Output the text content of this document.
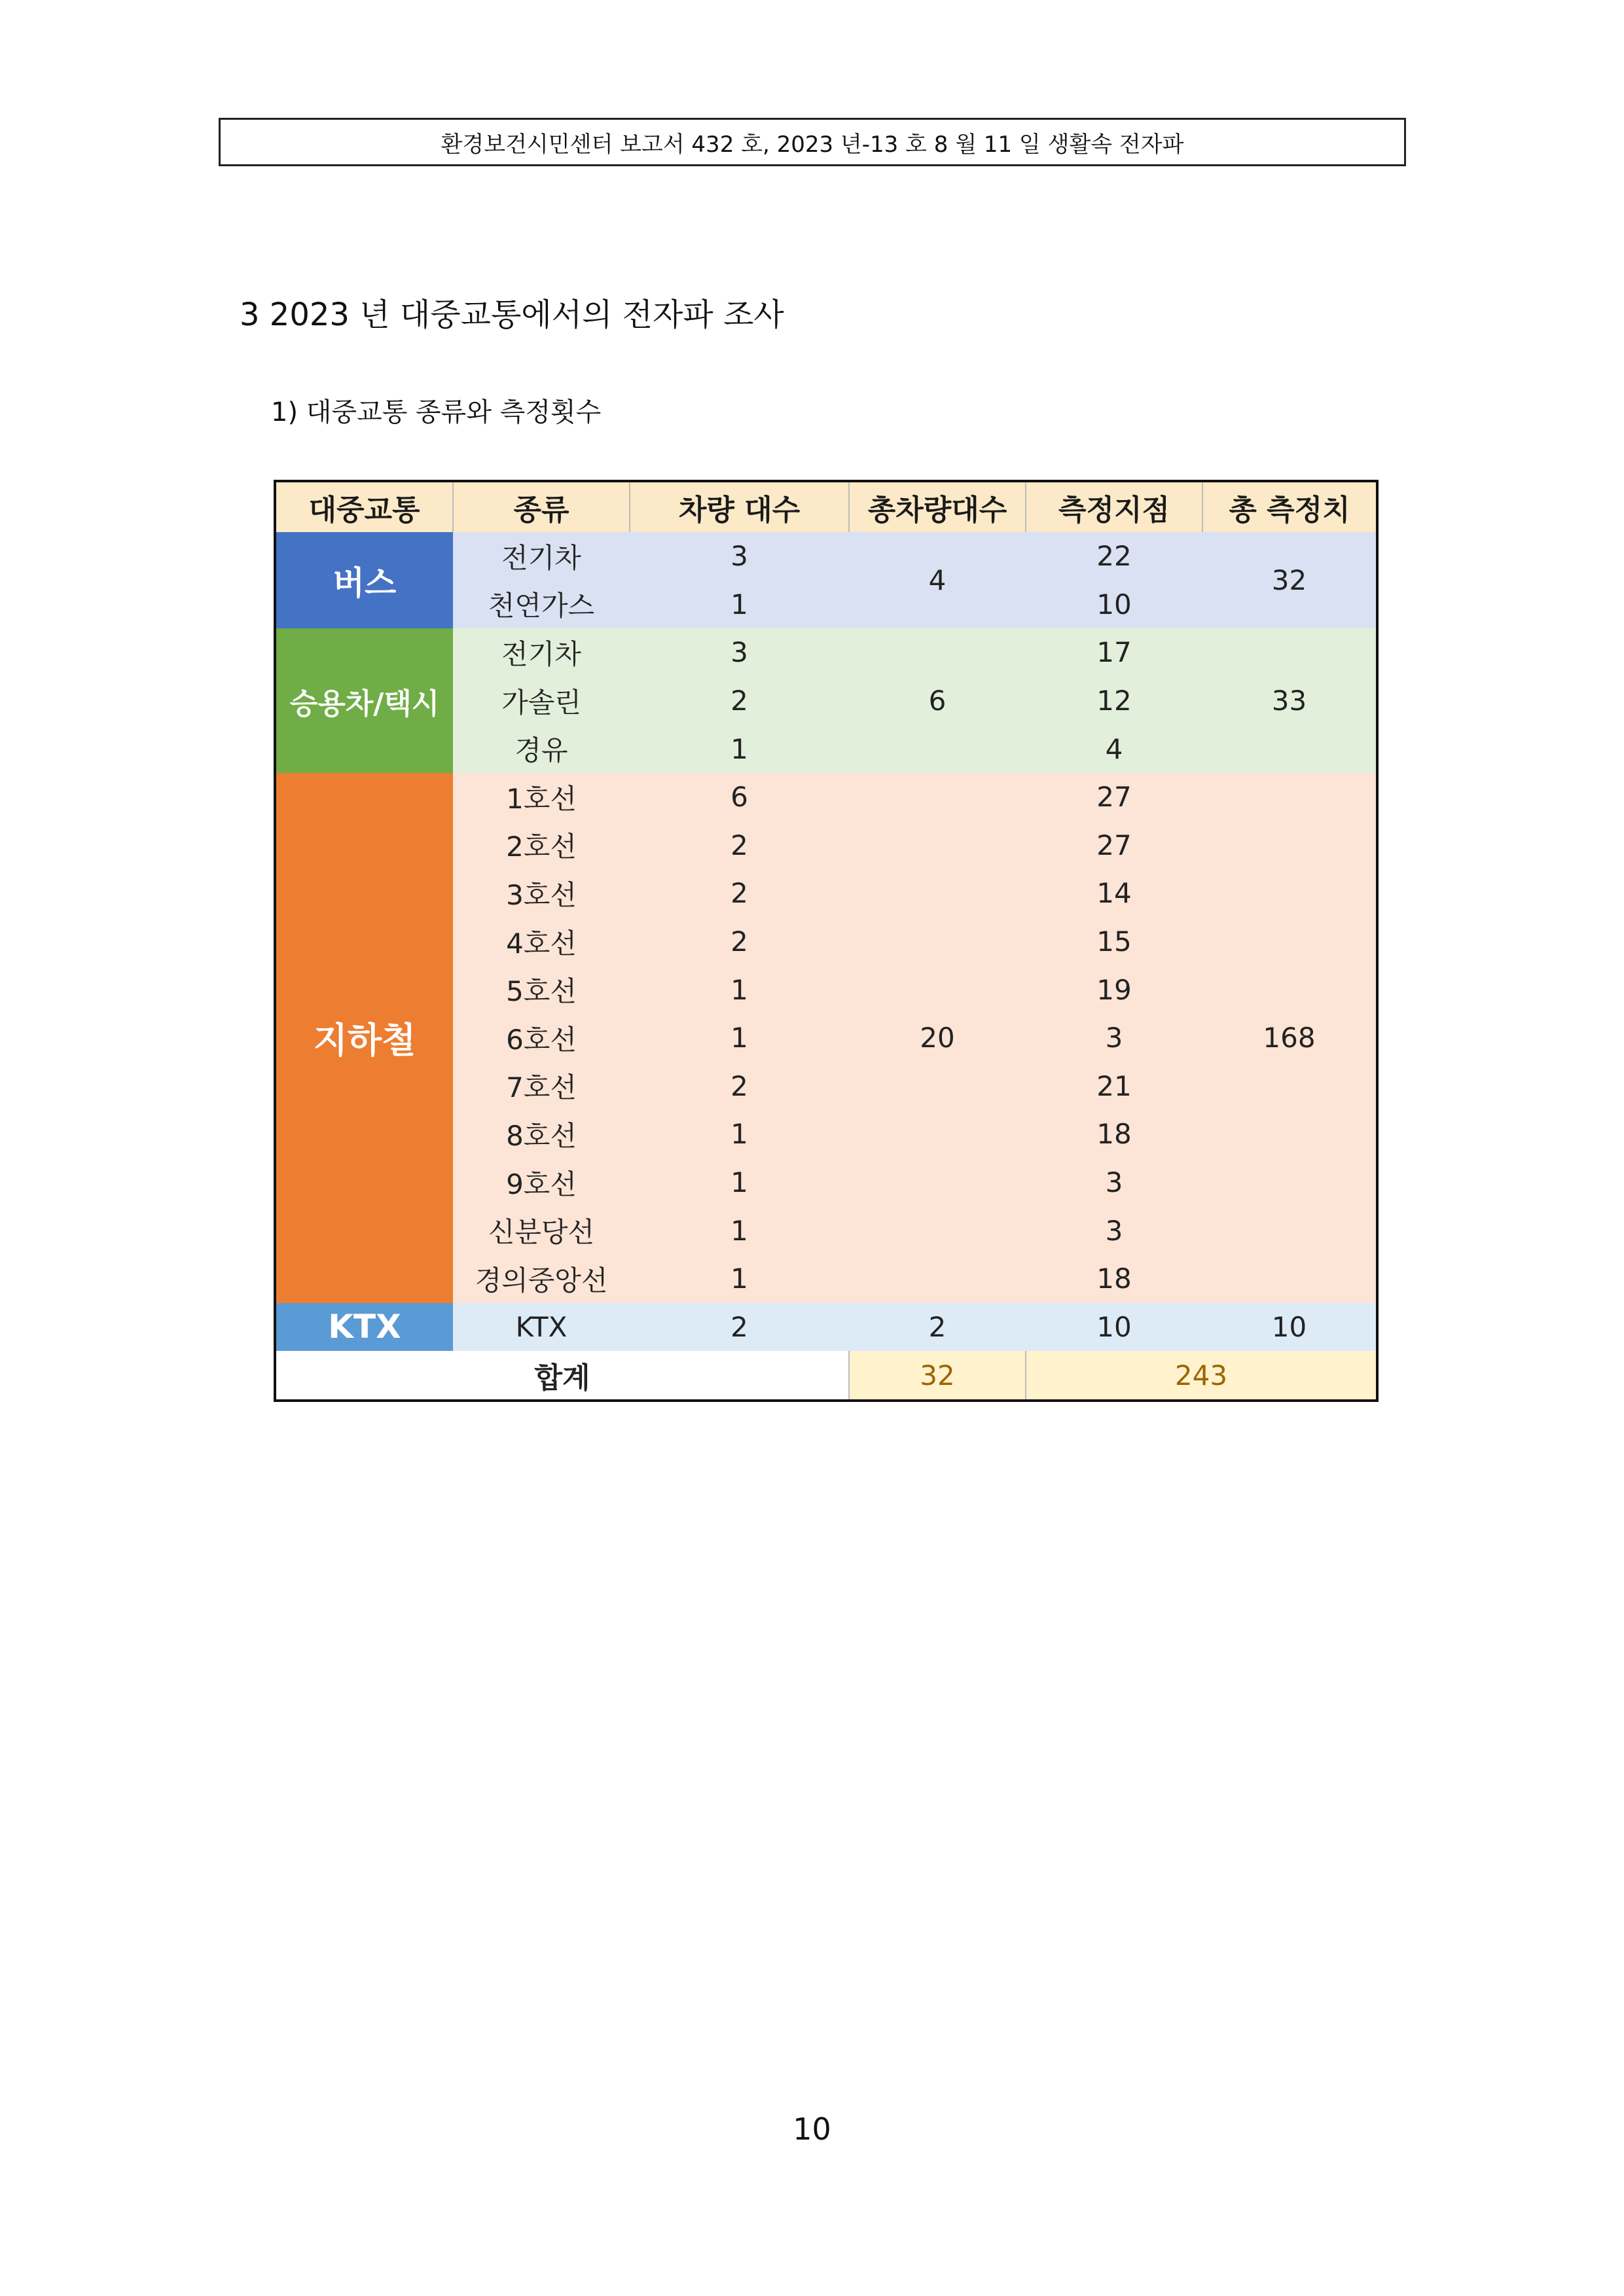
환경보건시민센터 보고서 432 호, 2023 년-13 호 8 월 11 일 생활속 전자파
3 2023 년 대중교통에서의 전자파 조사
1) 대중교통 종류와 측정횟수
대중교통	종류	차량 대수	총차량대수	측정지점	총 측정치
버스	전기차	3	4	22	32
	천연가스	1		10	
승용차/택시	전기차	3	6	17	33
	가솔린	2		12	
	경유	1		4	
지하철	1호선	6	20	27	168
	2호선	2		27	
	3호선	2		14	
	4호선	2		15	
	5호선	1		19	
	6호선	1		3	
	7호선	2		21	
	8호선	1		18	
	9호선	1		3	
	신분당선	1		3	
	경의중앙선	1		18	
KTX	KTX	2	2	10	10
합계			32	243	
10
